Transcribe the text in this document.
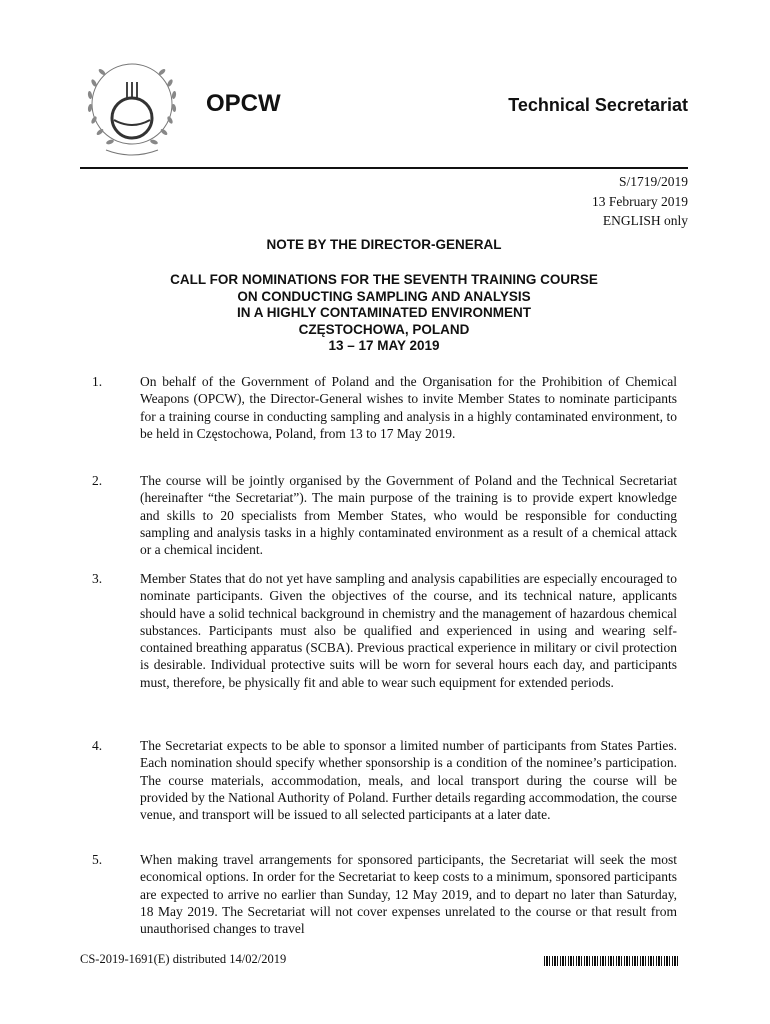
OPCW	Technical Secretariat
S/1719/2019
13 February 2019
ENGLISH only
NOTE BY THE DIRECTOR-GENERAL
CALL FOR NOMINATIONS FOR THE SEVENTH TRAINING COURSE
ON CONDUCTING SAMPLING AND ANALYSIS
IN A HIGHLY CONTAMINATED ENVIRONMENT
CZĘSTOCHOWA, POLAND
13 – 17 MAY 2019
1.	On behalf of the Government of Poland and the Organisation for the Prohibition of Chemical Weapons (OPCW), the Director-General wishes to invite Member States to nominate participants for a training course in conducting sampling and analysis in a highly contaminated environment, to be held in Częstochowa, Poland, from 13 to 17 May 2019.
2.	The course will be jointly organised by the Government of Poland and the Technical Secretariat (hereinafter “the Secretariat”). The main purpose of the training is to provide expert knowledge and skills to 20 specialists from Member States, who would be responsible for conducting sampling and analysis tasks in a highly contaminated environment as a result of a chemical attack or a chemical incident.
3.	Member States that do not yet have sampling and analysis capabilities are especially encouraged to nominate participants. Given the objectives of the course, and its technical nature, applicants should have a solid technical background in chemistry and the management of hazardous chemical substances. Participants must also be qualified and experienced in using and wearing self-contained breathing apparatus (SCBA). Previous practical experience in military or civil protection is desirable. Individual protective suits will be worn for several hours each day, and participants must, therefore, be physically fit and able to wear such equipment for extended periods.
4.	The Secretariat expects to be able to sponsor a limited number of participants from States Parties. Each nomination should specify whether sponsorship is a condition of the nominee’s participation. The course materials, accommodation, meals, and local transport during the course will be provided by the National Authority of Poland. Further details regarding accommodation, the course venue, and transport will be issued to all selected participants at a later date.
5.	When making travel arrangements for sponsored participants, the Secretariat will seek the most economical options. In order for the Secretariat to keep costs to a minimum, sponsored participants are expected to arrive no earlier than Sunday, 12 May 2019, and to depart no later than Saturday, 18 May 2019. The Secretariat will not cover expenses unrelated to the course or that result from unauthorised changes to travel
CS-2019-1691(E) distributed 14/02/2019
